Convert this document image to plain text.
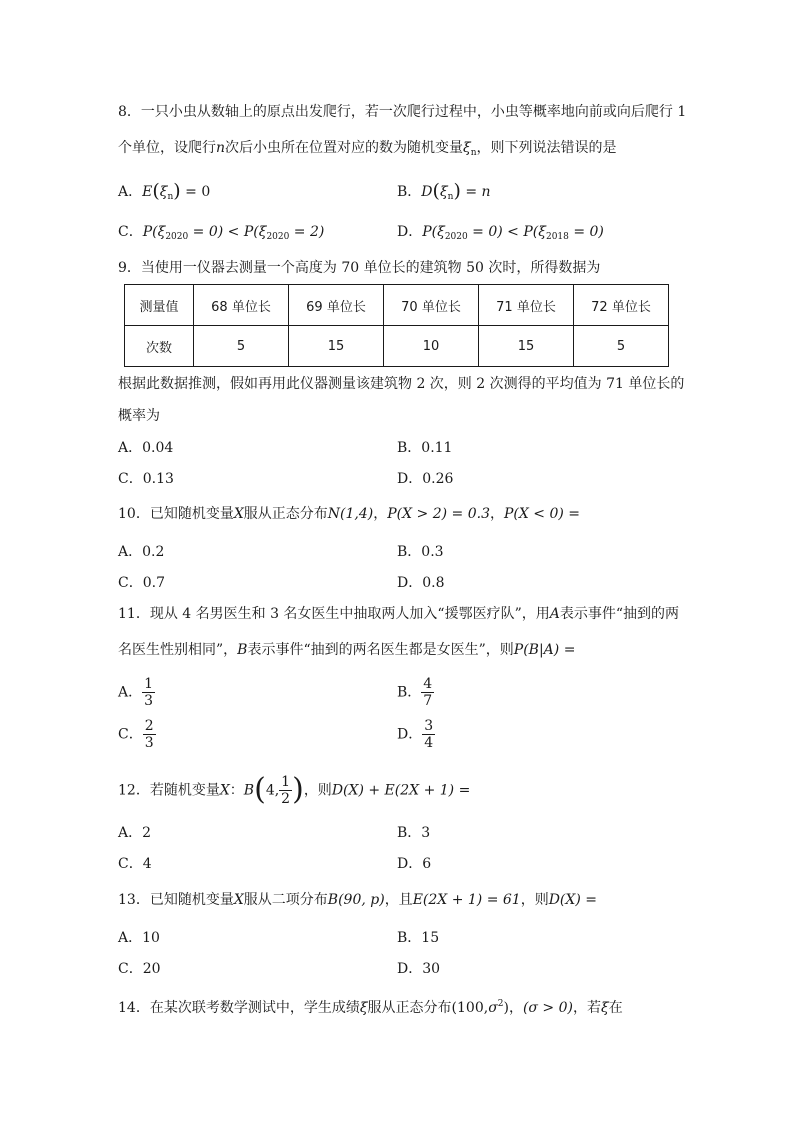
8．一只小虫从数轴上的原点出发爬行，若一次爬行过程中，小虫等概率地向前或向后爬行 1
个单位，设爬行n次后小虫所在位置对应的数为随机变量$\xi_n$，则下列说法错误的是
A．$E(\xi_n) = 0$	B．$D(\xi_n) = n$
C．$P(\xi_{2020} = 0) < P(\xi_{2020} = 2)$	D．$P(\xi_{2020} = 0) < P(\xi_{2018} = 0)$
9．当使用一仪器去测量一个高度为 70 单位长的建筑物 50 次时，所得数据为
测量值	68 单位长	69 单位长	70 单位长	71 单位长	72 单位长
次数	5	15	10	15	5
根据此数据推测，假如再用此仪器测量该建筑物 2 次，则 2 次测得的平均值为 71 单位长的
概率为
A．0.04	B．0.11
C．0.13	D．0.26
10．已知随机变量X服从正态分布N(1,4)，P(X > 2) = 0.3，P(X < 0) =
A．0.2	B．0.3
C．0.7	D．0.8
11．现从 4 名男医生和 3 名女医生中抽取两人加入“援鄂医疗队”，用A表示事件“抽到的两
名医生性别相同”，B表示事件“抽到的两名医生都是女医生”，则P(B|A) =
A． $\frac{1}{3}$	B． $\frac{4}{7}$
C． $\frac{2}{3}$	D． $\frac{3}{4}$
12．若随机变量X：B(4, $\frac{1}{2}$ )，则D(X) + E(2X + 1) =
A．2	B．3
C．4	D．6
13．已知随机变量X服从二项分布B(90, p)，且E(2X + 1) = 61，则D(X) =
A．10	B．15
C．20	D．30
14．在某次联考数学测试中，学生成绩ξ服从正态分布$(100,\sigma^2)$，(σ > 0)，若ξ在
